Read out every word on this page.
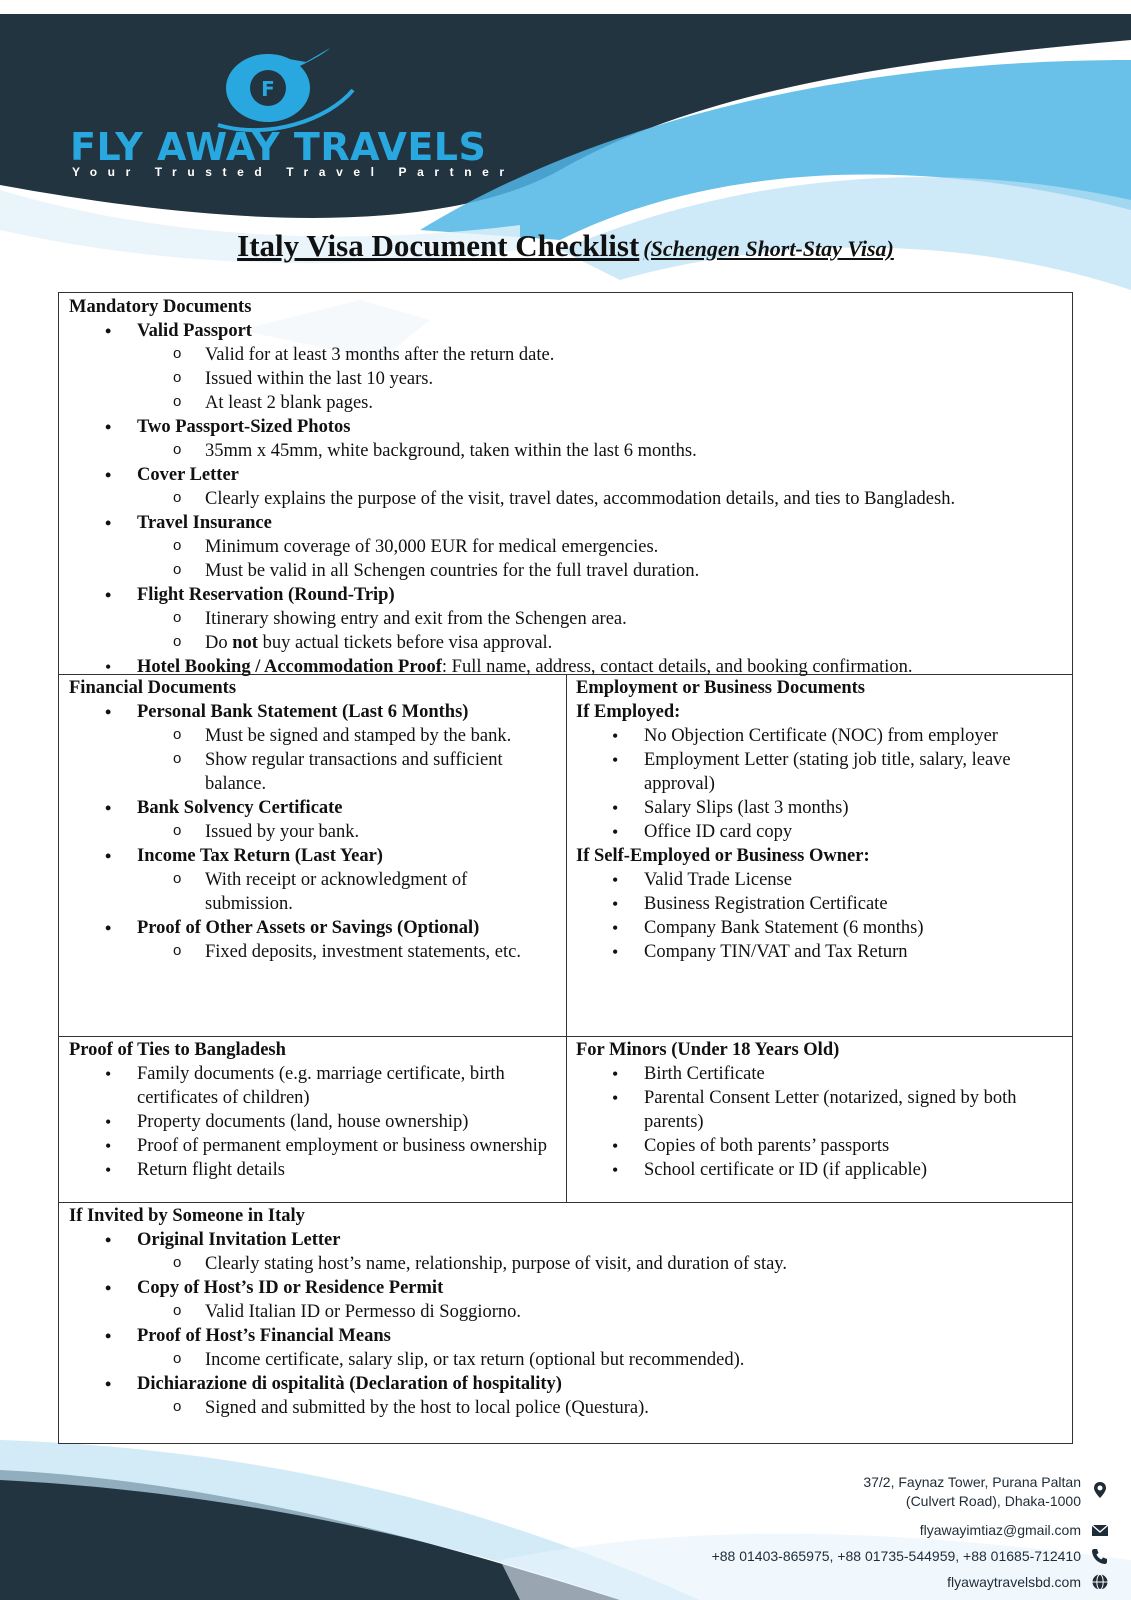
F
FLY AWAY TRAVELS
Your Trusted Travel Partner
Italy Visa Document Checklist (Schengen Short-Stay Visa)
Mandatory Documents
• Valid Passport
o Valid for at least 3 months after the return date.
o Issued within the last 10 years.
o At least 2 blank pages.
• Two Passport-Sized Photos
o 35mm x 45mm, white background, taken within the last 6 months.
• Cover Letter
o Clearly explains the purpose of the visit, travel dates, accommodation details, and ties to Bangladesh.
• Travel Insurance
o Minimum coverage of 30,000 EUR for medical emergencies.
o Must be valid in all Schengen countries for the full travel duration.
• Flight Reservation (Round-Trip)
o Itinerary showing entry and exit from the Schengen area.
o Do not buy actual tickets before visa approval.
• Hotel Booking / Accommodation Proof: Full name, address, contact details, and booking confirmation.
Financial Documents
• Personal Bank Statement (Last 6 Months)
o Must be signed and stamped by the bank.
o Show regular transactions and sufficient balance.
• Bank Solvency Certificate
o Issued by your bank.
• Income Tax Return (Last Year)
o With receipt or acknowledgment of submission.
• Proof of Other Assets or Savings (Optional)
o Fixed deposits, investment statements, etc.
Employment or Business Documents
If Employed:
• No Objection Certificate (NOC) from employer
• Employment Letter (stating job title, salary, leave approval)
• Salary Slips (last 3 months)
• Office ID card copy
If Self-Employed or Business Owner:
• Valid Trade License
• Business Registration Certificate
• Company Bank Statement (6 months)
• Company TIN/VAT and Tax Return
Proof of Ties to Bangladesh
• Family documents (e.g. marriage certificate, birth certificates of children)
• Property documents (land, house ownership)
• Proof of permanent employment or business ownership
• Return flight details
For Minors (Under 18 Years Old)
• Birth Certificate
• Parental Consent Letter (notarized, signed by both parents)
• Copies of both parents’ passports
• School certificate or ID (if applicable)
If Invited by Someone in Italy
• Original Invitation Letter
o Clearly stating host’s name, relationship, purpose of visit, and duration of stay.
• Copy of Host’s ID or Residence Permit
o Valid Italian ID or Permesso di Soggiorno.
• Proof of Host’s Financial Means
o Income certificate, salary slip, or tax return (optional but recommended).
• Dichiarazione di ospitalità (Declaration of hospitality)
o Signed and submitted by the host to local police (Questura).
37/2, Faynaz Tower, Purana Paltan
(Culvert Road), Dhaka-1000
flyawayimtiaz@gmail.com
+88 01403-865975, +88 01735-544959, +88 01685-712410
flyawaytravelsbd.com
